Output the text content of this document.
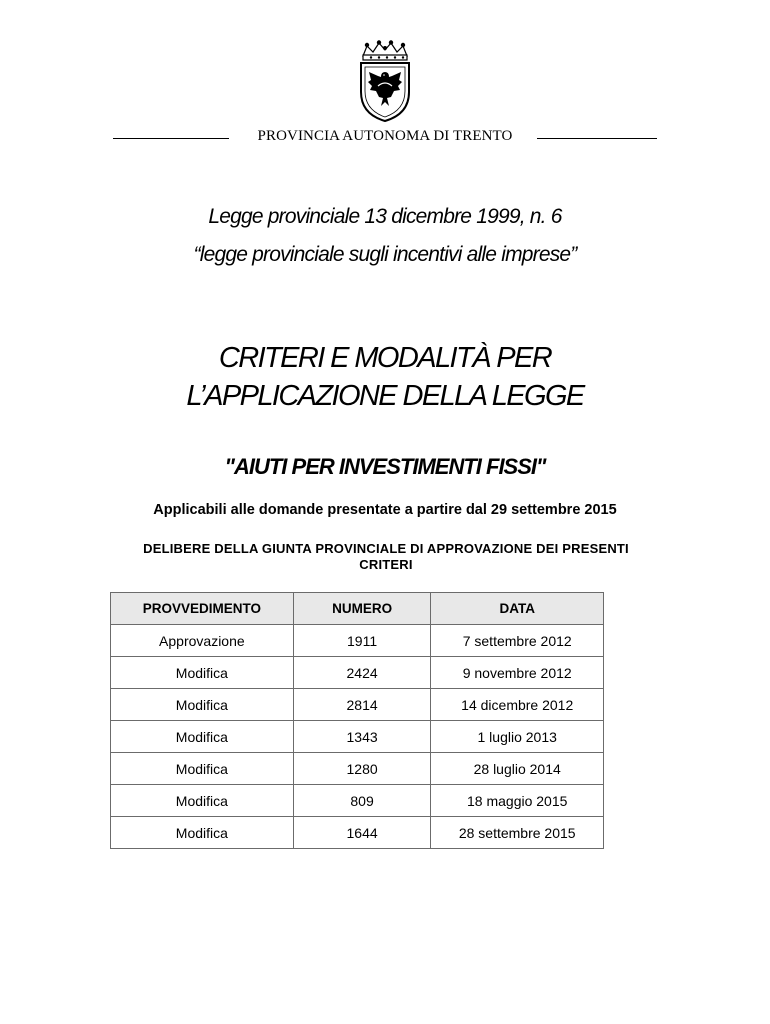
PROVINCIA AUTONOMA DI TRENTO
Legge provinciale 13 dicembre 1999, n. 6
“legge provinciale sugli incentivi alle imprese”
CRITERI E MODALITÀ PER
L’APPLICAZIONE DELLA LEGGE
"AIUTI PER INVESTIMENTI FISSI"
Applicabili alle domande presentate a partire dal 29 settembre 2015
DELIBERE DELLA GIUNTA PROVINCIALE DI APPROVAZIONE DEI PRESENTI CRITERI
PROVVEDIMENTO	NUMERO	DATA
Approvazione	1911	7 settembre 2012
Modifica	2424	9 novembre 2012
Modifica	2814	14 dicembre 2012
Modifica	1343	1 luglio 2013
Modifica	1280	28 luglio 2014
Modifica	809	18 maggio 2015
Modifica	1644	28 settembre 2015
